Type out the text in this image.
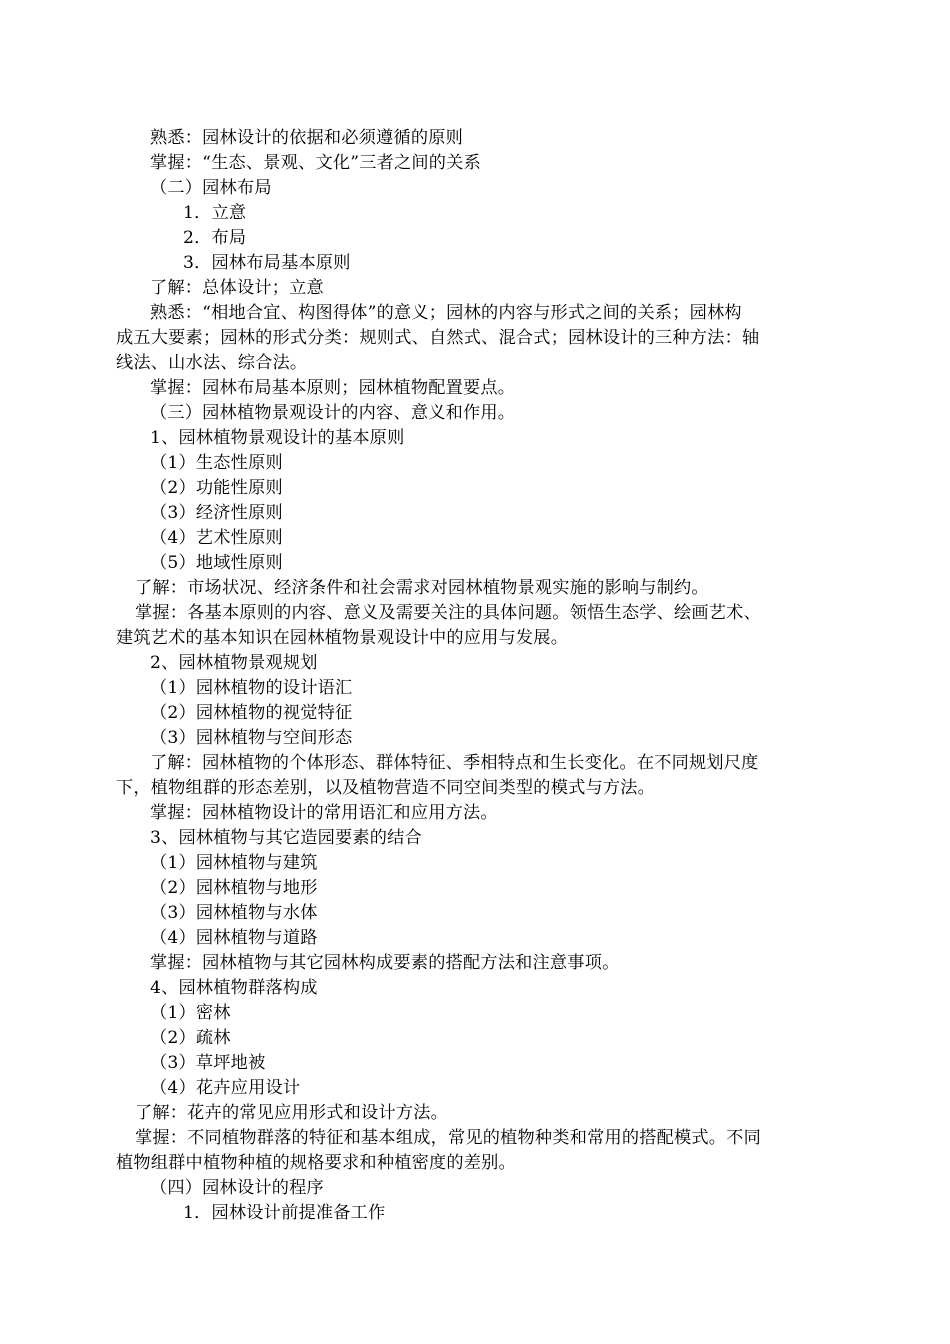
熟悉：园林设计的依据和必须遵循的原则

掌握：“生态、景观、文化”三者之间的关系

（二）园林布局

1．立意

2．布局

3．园林布局基本原则

了解：总体设计；立意

熟悉：“相地合宜、构图得体”的意义；园林的内容与形式之间的关系；园林构

成五大要素；园林的形式分类：规则式、自然式、混合式；园林设计的三种方法：轴

线法、山水法、综合法。

掌握：园林布局基本原则；园林植物配置要点。

（三）园林植物景观设计的内容、意义和作用。

1、园林植物景观设计的基本原则

（1）生态性原则

（2）功能性原则

（3）经济性原则

（4）艺术性原则

（5）地域性原则

了解：市场状况、经济条件和社会需求对园林植物景观实施的影响与制约。

掌握：各基本原则的内容、意义及需要关注的具体问题。领悟生态学、绘画艺术、

建筑艺术的基本知识在园林植物景观设计中的应用与发展。

2、园林植物景观规划

（1）园林植物的设计语汇

（2）园林植物的视觉特征

（3）园林植物与空间形态

了解：园林植物的个体形态、群体特征、季相特点和生长变化。在不同规划尺度

下，植物组群的形态差别，以及植物营造不同空间类型的模式与方法。

掌握：园林植物设计的常用语汇和应用方法。

3、园林植物与其它造园要素的结合

（1）园林植物与建筑

（2）园林植物与地形

（3）园林植物与水体

（4）园林植物与道路

掌握：园林植物与其它园林构成要素的搭配方法和注意事项。

4、园林植物群落构成

（1）密林

（2）疏林

（3）草坪地被

（4）花卉应用设计

了解：花卉的常见应用形式和设计方法。

掌握：不同植物群落的特征和基本组成，常见的植物种类和常用的搭配模式。不同

植物组群中植物种植的规格要求和种植密度的差别。

（四）园林设计的程序

1．园林设计前提准备工作
